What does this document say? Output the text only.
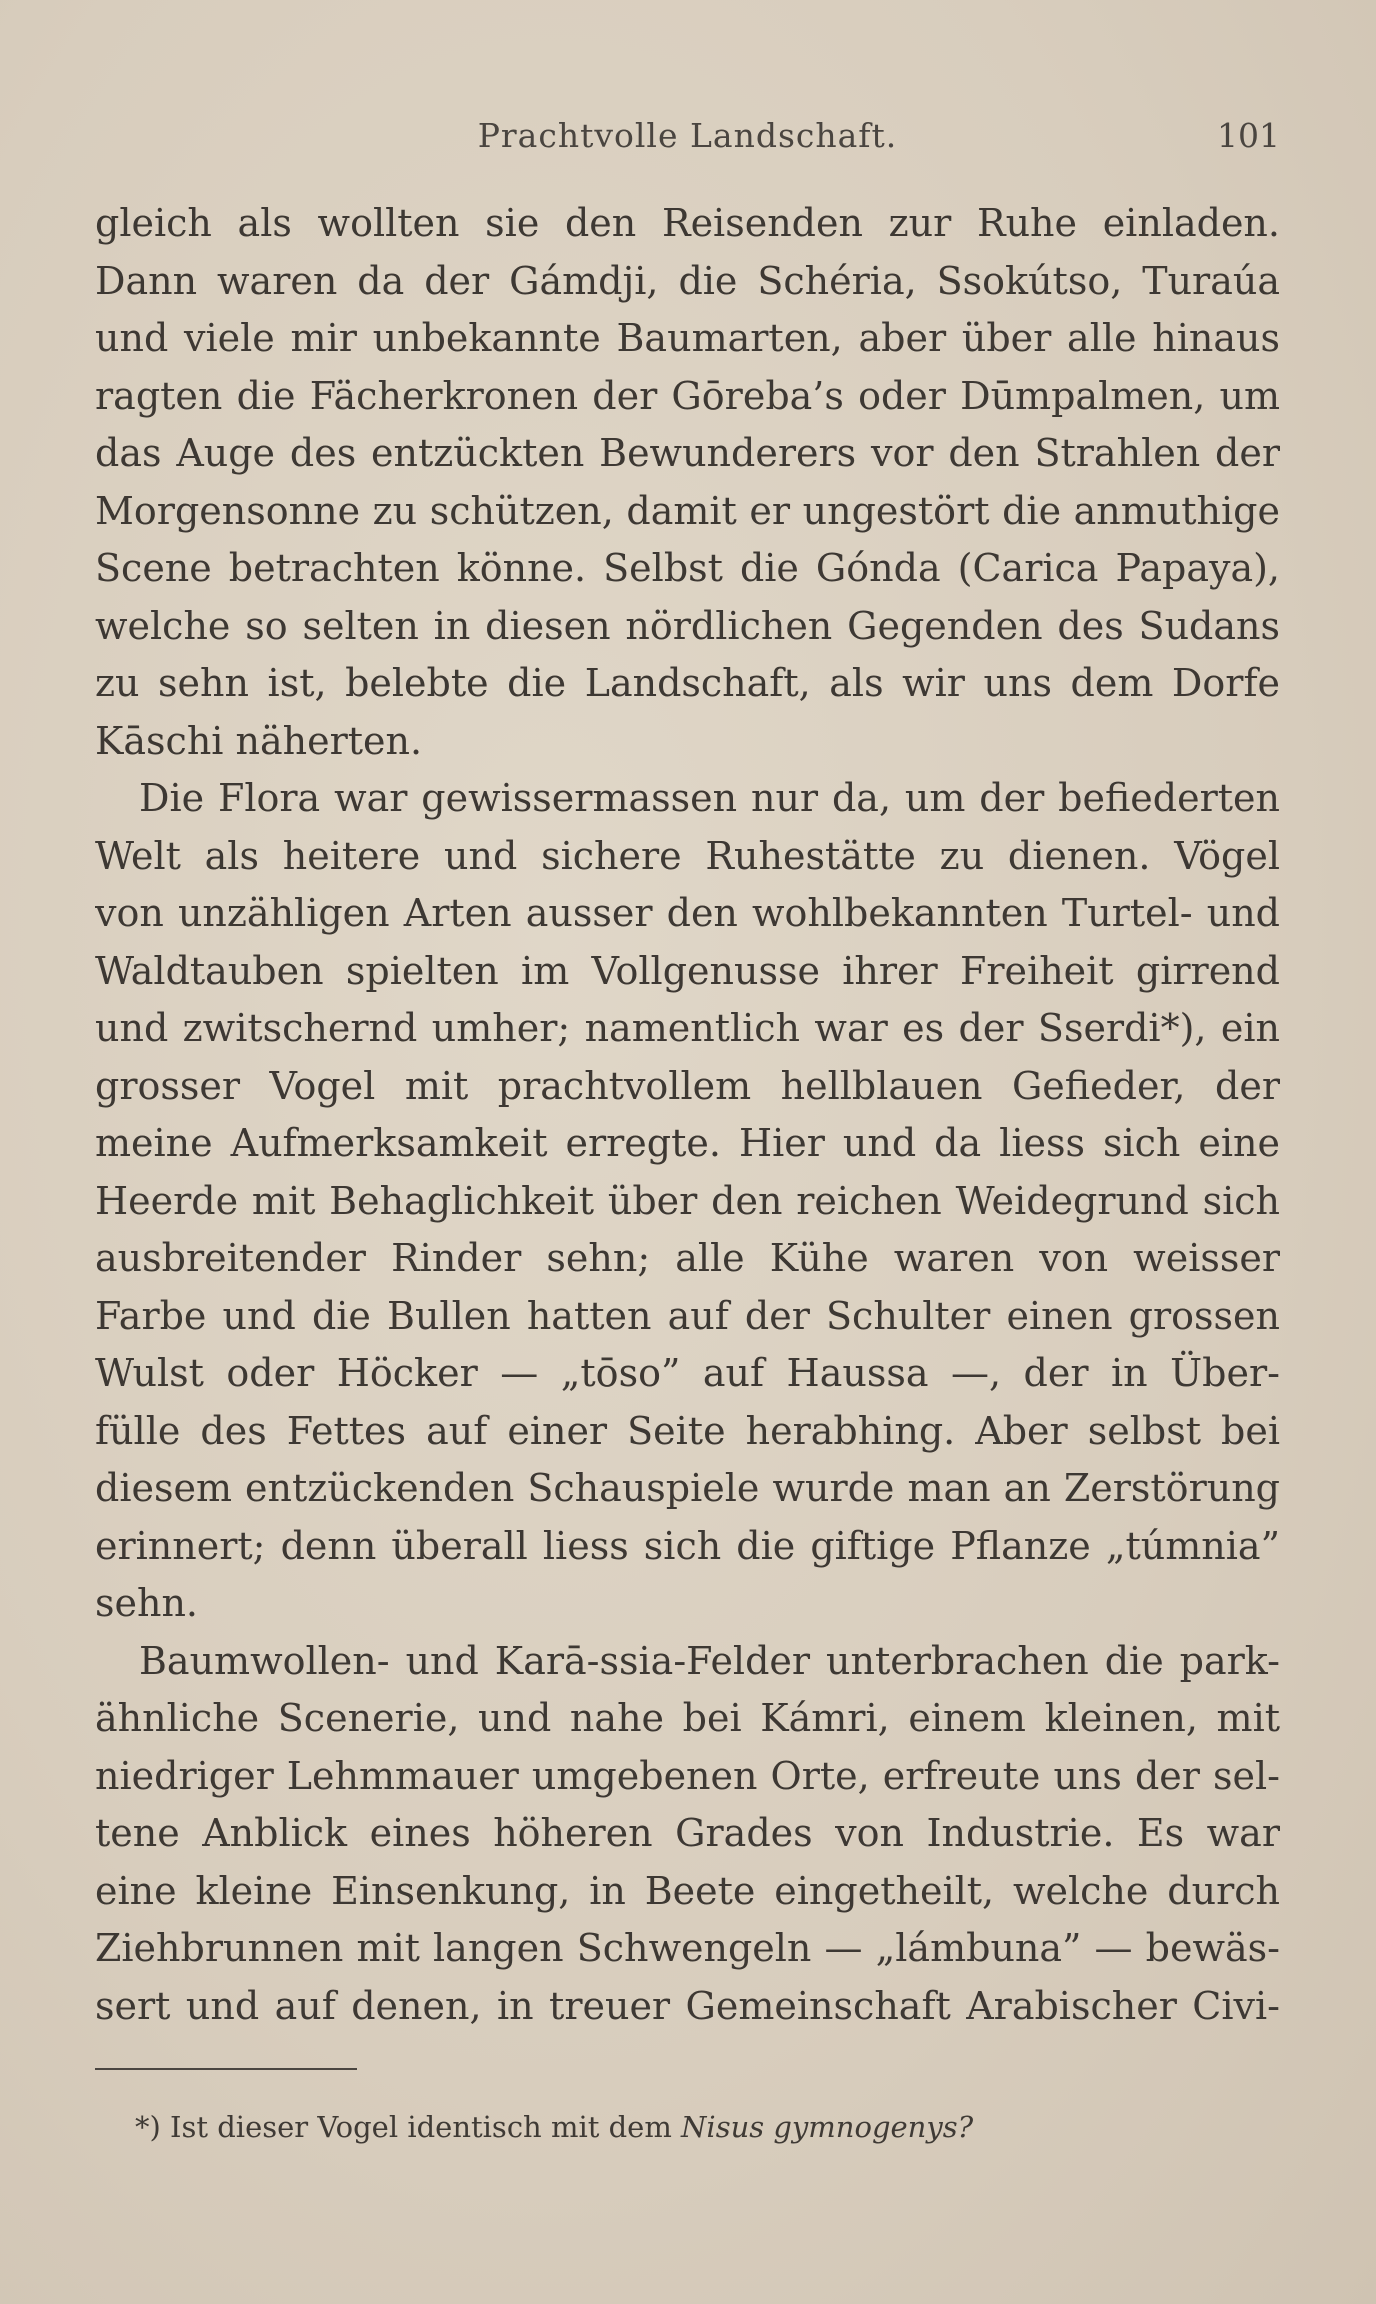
Prachtvolle Landschaft.	101
gleich als wollten sie den Reisenden zur Ruhe einladen.
Dann waren da der Gámdji, die Schéria, Ssokútso, Turaúa
und viele mir unbekannte Baumarten, aber über alle hinaus
ragten die Fächerkronen der Gōreba’s oder Dūmpalmen, um
das Auge des entzückten Bewunderers vor den Strahlen der
Morgensonne zu schützen, damit er ungestört die anmuthige
Scene betrachten könne. Selbst die Gónda (Carica Papaya),
welche so selten in diesen nördlichen Gegenden des Sudans
zu sehn ist, belebte die Landschaft, als wir uns dem Dorfe
Kāschi näherten.
Die Flora war gewissermassen nur da, um der befiederten
Welt als heitere und sichere Ruhestätte zu dienen. Vögel
von unzähligen Arten ausser den wohlbekannten Turtel- und
Waldtauben spielten im Vollgenusse ihrer Freiheit girrend
und zwitschernd umher; namentlich war es der Sserdi*), ein
grosser Vogel mit prachtvollem hellblauen Gefieder, der
meine Aufmerksamkeit erregte. Hier und da liess sich eine
Heerde mit Behaglichkeit über den reichen Weidegrund sich
ausbreitender Rinder sehn; alle Kühe waren von weisser
Farbe und die Bullen hatten auf der Schulter einen grossen
Wulst oder Höcker — „tōso” auf Haussa —, der in Über-
fülle des Fettes auf einer Seite herabhing. Aber selbst bei
diesem entzückenden Schauspiele wurde man an Zerstörung
erinnert; denn überall liess sich die giftige Pflanze „túmnia”
sehn.
Baumwollen- und Karā-ssia-Felder unterbrachen die park-
ähnliche Scenerie, und nahe bei Kámri, einem kleinen, mit
niedriger Lehmmauer umgebenen Orte, erfreute uns der sel-
tene Anblick eines höheren Grades von Industrie. Es war
eine kleine Einsenkung, in Beete eingetheilt, welche durch
Ziehbrunnen mit langen Schwengeln — „lámbuna” — bewäs-
sert und auf denen, in treuer Gemeinschaft Arabischer Civi-
*) Ist dieser Vogel identisch mit dem Nisus gymnogenys?
